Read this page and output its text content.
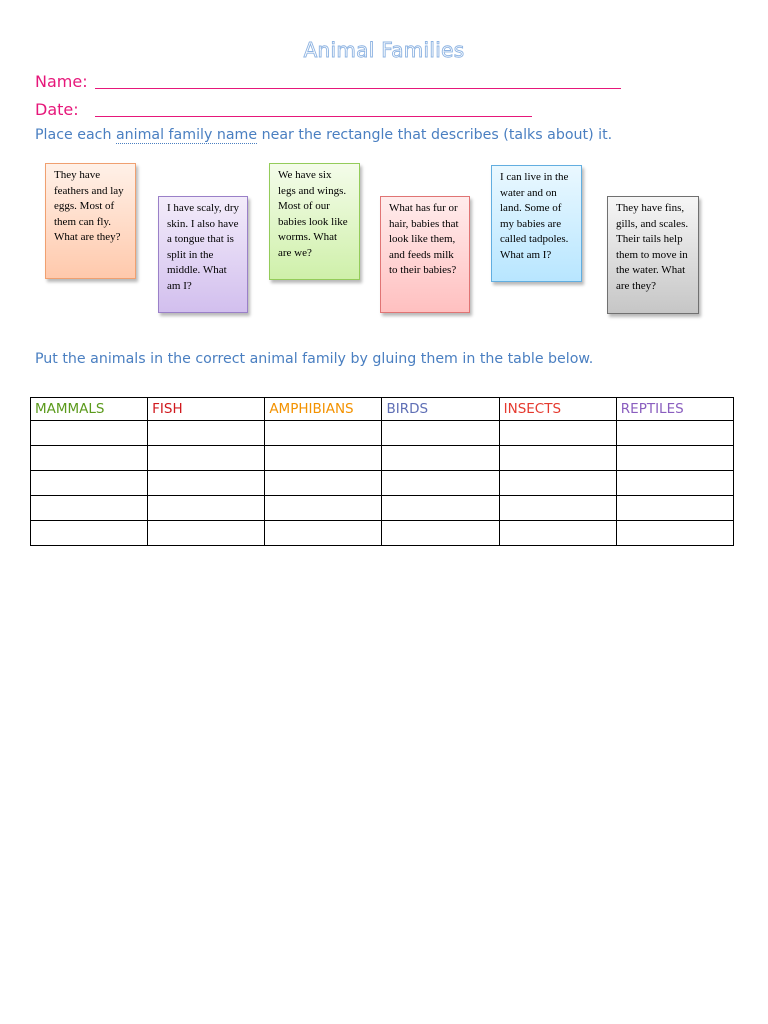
Animal Families
Name:
Date:
Place each animal family name near the rectangle that describes (talks about) it.
They have feathers and lay eggs. Most of them can fly. What are they?
I have scaly, dry skin. I also have a tongue that is split in the middle. What am I?
We have six legs and wings. Most of our babies look like worms. What are we?
What has fur or hair, babies that look like them, and feeds milk to their babies?
I can live in the water and on land. Some of my babies are called tadpoles. What am I?
They have fins, gills, and scales. Their tails help them to move in the water. What are they?
Put the animals in the correct animal family by gluing them in the table below.
MAMMALS	FISH	AMPHIBIANS	BIRDS	INSECTS	REPTILES
